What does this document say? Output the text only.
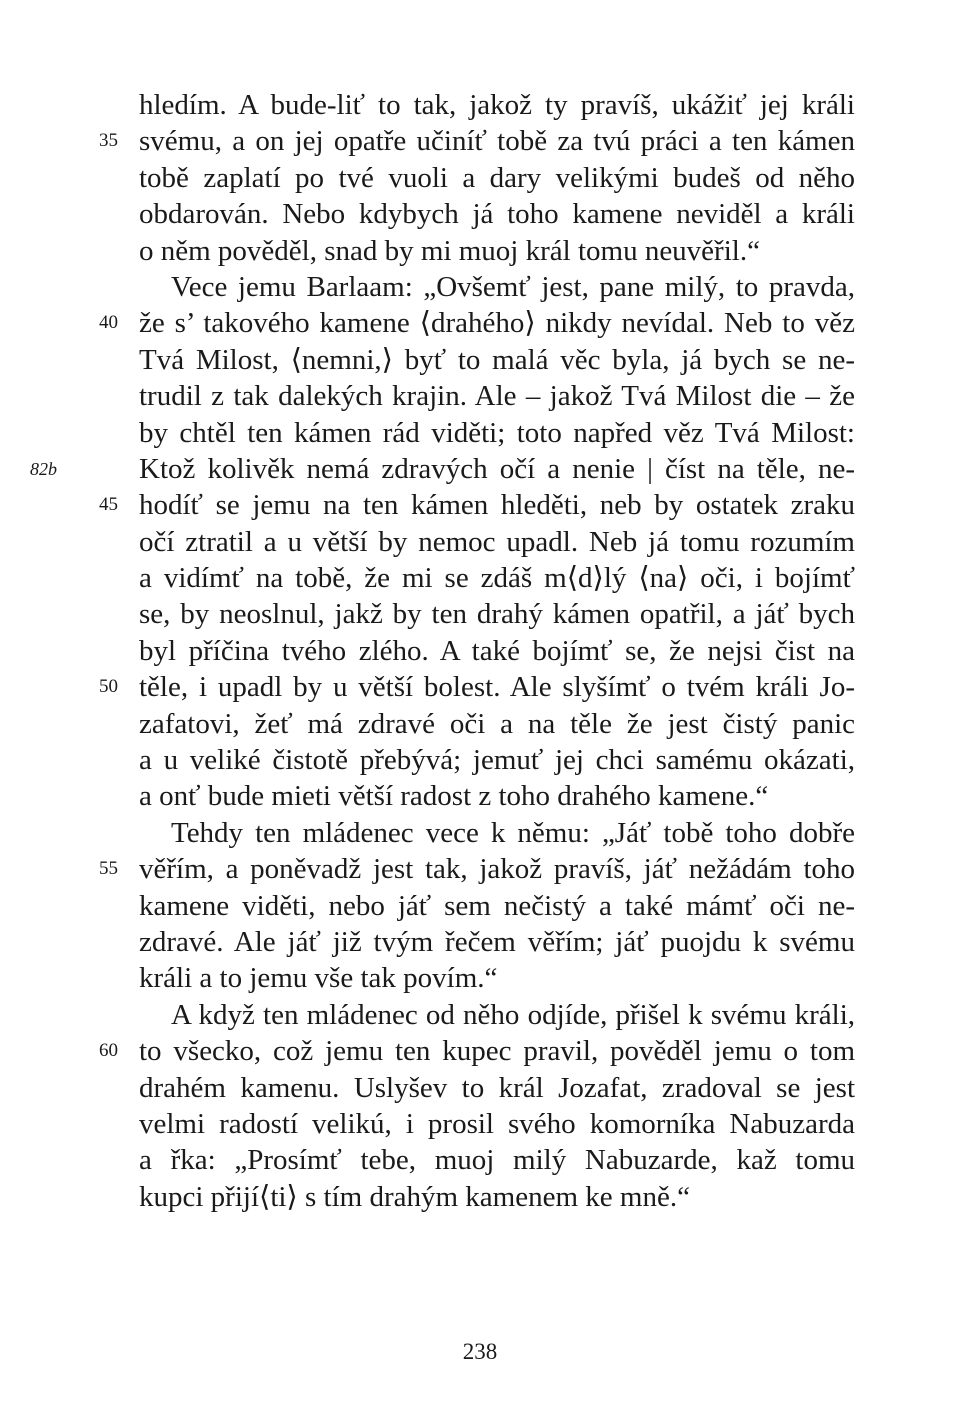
hledím. A bude-liť to tak, jakož ty pravíš, ukážiť jej králi
svému, a on jej opatře učiníť tobě za tvú práci a ten kámen
35
tobě zaplatí po tvé vuoli a dary velikými budeš od něho
obdarován. Nebo kdybych já toho kamene neviděl a králi
o něm pověděl, snad by mi muoj král tomu neuvěřil.“
Vece jemu Barlaam: „Ovšemť jest, pane milý, to pravda,
že s’ takového kamene ⟨drahého⟩ nikdy nevídal. Neb to věz
40
Tvá Milost, ⟨nemni,⟩ byť to malá věc byla, já bych se ne-
trudil z tak dalekých krajin. Ale – jakož Tvá Milost die – že
by chtěl ten kámen rád viděti; toto napřed věz Tvá Milost:
Ktož kolivěk nemá zdravých očí a nenie | číst na těle, ne-
82b
hodíť se jemu na ten kámen hleděti, neb by ostatek zraku
45
očí ztratil a u větší by nemoc upadl. Neb já tomu rozumím
a vidímť na tobě, že mi se zdáš m⟨d⟩lý ⟨na⟩ oči, i bojímť
se, by neoslnul, jakž by ten drahý kámen opatřil, a jáť bych
byl příčina tvého zlého. A také bojímť se, že nejsi čist na
těle, i upadl by u větší bolest. Ale slyšímť o tvém králi Jo-
50
zafatovi, žeť má zdravé oči a na těle že jest čistý panic
a u veliké čistotě přebývá; jemuť jej chci samému okázati,
a onť bude mieti větší radost z toho drahého kamene.“
Tehdy ten mládenec vece k němu: „Jáť tobě toho dobře
věřím, a poněvadž jest tak, jakož pravíš, jáť nežádám toho
55
kamene viděti, nebo jáť sem nečistý a také mámť oči ne-
zdravé. Ale jáť již tvým řečem věřím; jáť puojdu k svému
králi a to jemu vše tak povím.“
A když ten mládenec od něho odjíde, přišel k svému králi,
to všecko, což jemu ten kupec pravil, pověděl jemu o tom
60
drahém kamenu. Uslyšev to král Jozafat, zradoval se jest
velmi radostí velikú, i prosil svého komorníka Nabuzarda
a řka: „Prosímť tebe, muoj milý Nabuzarde, kaž tomu
kupci přijí⟨ti⟩ s tím drahým kamenem ke mně.“
238
